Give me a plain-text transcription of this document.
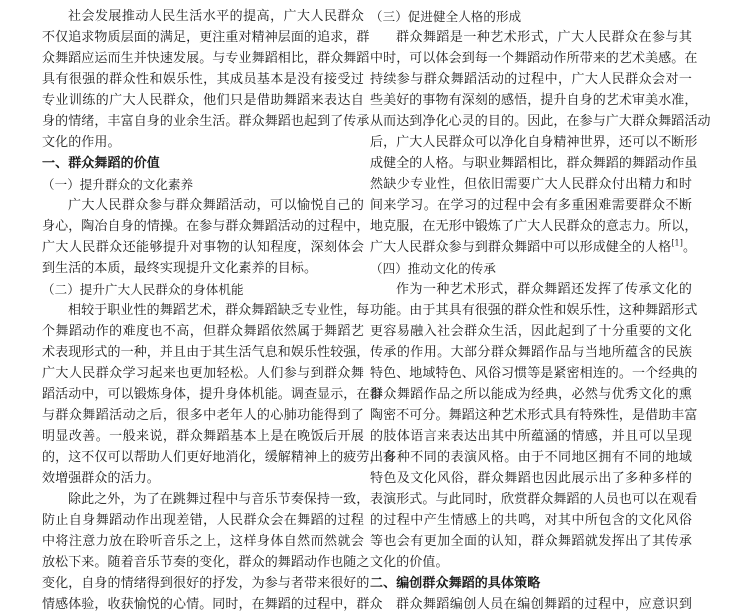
社会发展推动人民生活水平的提高，广大人民群众
不仅追求物质层面的满足，更注重对精神层面的追求，群
众舞蹈应运而生并快速发展。与专业舞蹈相比，群众舞蹈
具有很强的群众性和娱乐性，其成员基本是没有接受过
专业训练的广大人民群众，他们只是借助舞蹈来表达自
身的情绪，丰富自身的业余生活。群众舞蹈也起到了传承
文化的作用。
一、群众舞蹈的价值
（一）提升群众的文化素养
广大人民群众参与群众舞蹈活动，可以愉悦自己的
身心，陶冶自身的情操。在参与群众舞蹈活动的过程中，
广大人民群众还能够提升对事物的认知程度，深刻体会
到生活的本质，最终实现提升文化素养的目标。
（二）提升广大人民群众的身体机能
相较于职业性的舞蹈艺术，群众舞蹈缺乏专业性，每
个舞蹈动作的难度也不高，但群众舞蹈依然属于舞蹈艺
术表现形式的一种，并且由于其生活气息和娱乐性较强，
广大人民群众学习起来也更加轻松。人们参与到群众舞
蹈活动中，可以锻炼身体，提升身体机能。调查显示，在参
与群众舞蹈活动之后，很多中老年人的心肺功能得到了
明显改善。一般来说，群众舞蹈基本上是在晚饭后开展
的，这不仅可以帮助人们更好地消化，缓解精神上的疲劳，有
效增强群众的活力。
除此之外，为了在跳舞过程中与音乐节奏保持一致，
防止自身舞蹈动作出现差错，人民群众会在舞蹈的过程
中将注意力放在聆听音乐之上，这样身体自然而然就会
放松下来。随着音乐节奏的变化，群众的舞蹈动作也随之
变化，自身的情绪得到很好的抒发，为参与者带来很好的
情感体验，收获愉悦的心情。同时，在舞蹈的过程中，群众
（三）促进健全人格的形成
群众舞蹈是一种艺术形式，广大人民群众在参与其
中时，可以体会到每一个舞蹈动作所带来的艺术美感。在
持续参与群众舞蹈活动的过程中，广大人民群众会对一
些美好的事物有深刻的感悟，提升自身的艺术审美水准，
从而达到净化心灵的目的。因此，在参与广大群众舞蹈活动
后，广大人民群众可以净化自身精神世界，还可以不断形
成健全的人格。与职业舞蹈相比，群众舞蹈的舞蹈动作虽
然缺少专业性，但依旧需要广大人民群众付出精力和时
间来学习。在学习的过程中会有多重困难需要群众不断
地克服，在无形中锻炼了广大人民群众的意志力。所以，
广大人民群众参与到群众舞蹈中可以形成健全的人格[1]。
（四）推动文化的传承
作为一种艺术形式，群众舞蹈还发挥了传承文化的
功能。由于其具有很强的群众性和娱乐性，这种舞蹈形式
更容易融入社会群众生活，因此起到了十分重要的文化
传承的作用。大部分群众舞蹈作品与当地所蕴含的民族
特色、地域特色、风俗习惯等是紧密相连的。一个经典的
群众舞蹈作品之所以能成为经典，必然与优秀文化的熏
陶密不可分。舞蹈这种艺术形式具有特殊性，是借助丰富
的肢体语言来表达出其中所蕴涵的情感，并且可以呈现
出多种不同的表演风格。由于不同地区拥有不同的地域
特色及文化风俗，群众舞蹈也因此展示出了多种多样的
表演形式。与此同时，欣赏群众舞蹈的人员也可以在观看
的过程中产生情感上的共鸣，对其中所包含的文化风俗
等也会有更加全面的认知，群众舞蹈就发挥出了其传承
文化的价值。
二、编创群众舞蹈的具体策略
群众舞蹈编创人员在编创舞蹈的过程中，应意识到
